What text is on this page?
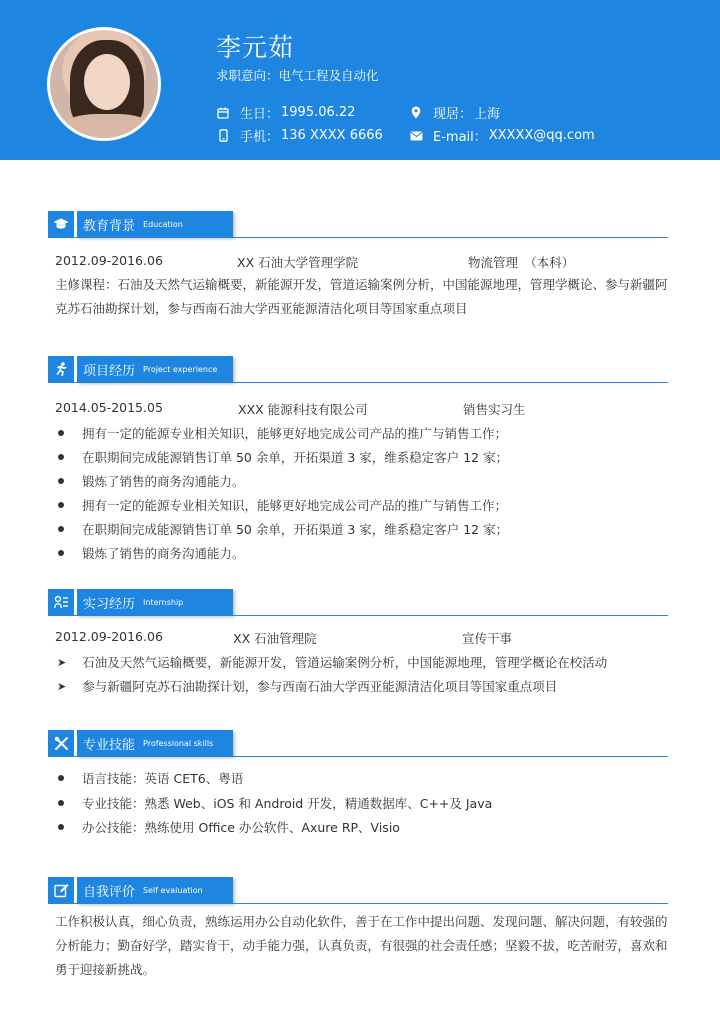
李元茹
求职意向：电气工程及自动化
生日： 1995.06.22	现居： 上海
手机： 136 XXXX 6666	E-mail： XXXXX@qq.com
教育背景 Education
2012.09-2016.06	XX 石油大学管理学院	物流管理　（本科）
主修课程：石油及天然气运输概要，新能源开发，管道运输案例分析，中国能源地理，管理学概论、参与新疆阿克苏石油勘探计划，参与西南石油大学西亚能源清洁化项目等国家重点项目
项目经历 Project experience
2014.05-2015.05	XXX 能源科技有限公司	销售实习生
拥有一定的能源专业相关知识，能够更好地完成公司产品的推广与销售工作；
在职期间完成能源销售订单 50 余单，开拓渠道 3 家，维系稳定客户 12 家；
锻炼了销售的商务沟通能力。
拥有一定的能源专业相关知识，能够更好地完成公司产品的推广与销售工作；
在职期间完成能源销售订单 50 余单，开拓渠道 3 家，维系稳定客户 12 家；
锻炼了销售的商务沟通能力。
实习经历 Internship
2012.09-2016.06	XX 石油管理院	宣传干事
➤ 石油及天然气运输概要，新能源开发，管道运输案例分析，中国能源地理，管理学概论在校活动
➤ 参与新疆阿克苏石油勘探计划，参与西南石油大学西亚能源清洁化项目等国家重点项目
专业技能 Professional skills
语言技能：英语 CET6、粤语
专业技能：熟悉 Web、iOS 和 Android 开发，精通数据库、C++及 Java
办公技能：熟练使用 Office 办公软件、Axure RP、Visio
自我评价 Self evaluation
工作积极认真，细心负责，熟练运用办公自动化软件，善于在工作中提出问题、发现问题、解决问题，有较强的分析能力；勤奋好学，踏实肯干，动手能力强，认真负责，有很强的社会责任感；坚毅不拔，吃苦耐劳，喜欢和勇于迎接新挑战。
